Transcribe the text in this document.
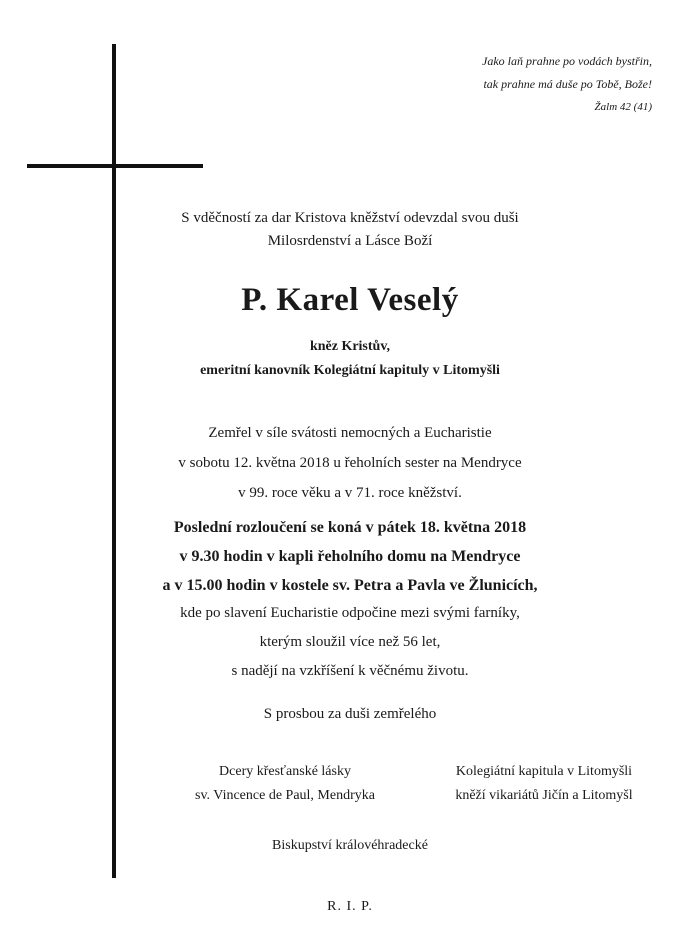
Jako laň prahne po vodách bystřin,
tak prahne má duše po Tobě, Bože!
Žalm 42 (41)
S vděčností za dar Kristova kněžství odevzdal svou duši
Milosrdenství a Lásce Boží
P. Karel Veselý
kněz Kristův,
emeritní kanovník Kolegiátní kapituly v Litomyšli
Zemřel v síle svátosti nemocných a Eucharistie
v sobotu 12. května 2018 u řeholních sester na Mendryce
v 99. roce věku a v 71. roce kněžství.
Poslední rozloučení se koná v pátek 18. května 2018
v 9.30 hodin v kapli řeholního domu na Mendryce
a v 15.00 hodin v kostele sv. Petra a Pavla ve Žlunicích,
kde po slavení Eucharistie odpočine mezi svými farníky,
kterým sloužil více než 56 let,
s nadějí na vzkříšení k věčnému životu.
S prosbou za duši zemřelého
Dcery křesťanské lásky
sv. Vincence de Paul, Mendryka
Kolegiátní kapitula v Litomyšli
kněží vikariátů Jičín a Litomyšl
Biskupství královéhradecké
R. I. P.
